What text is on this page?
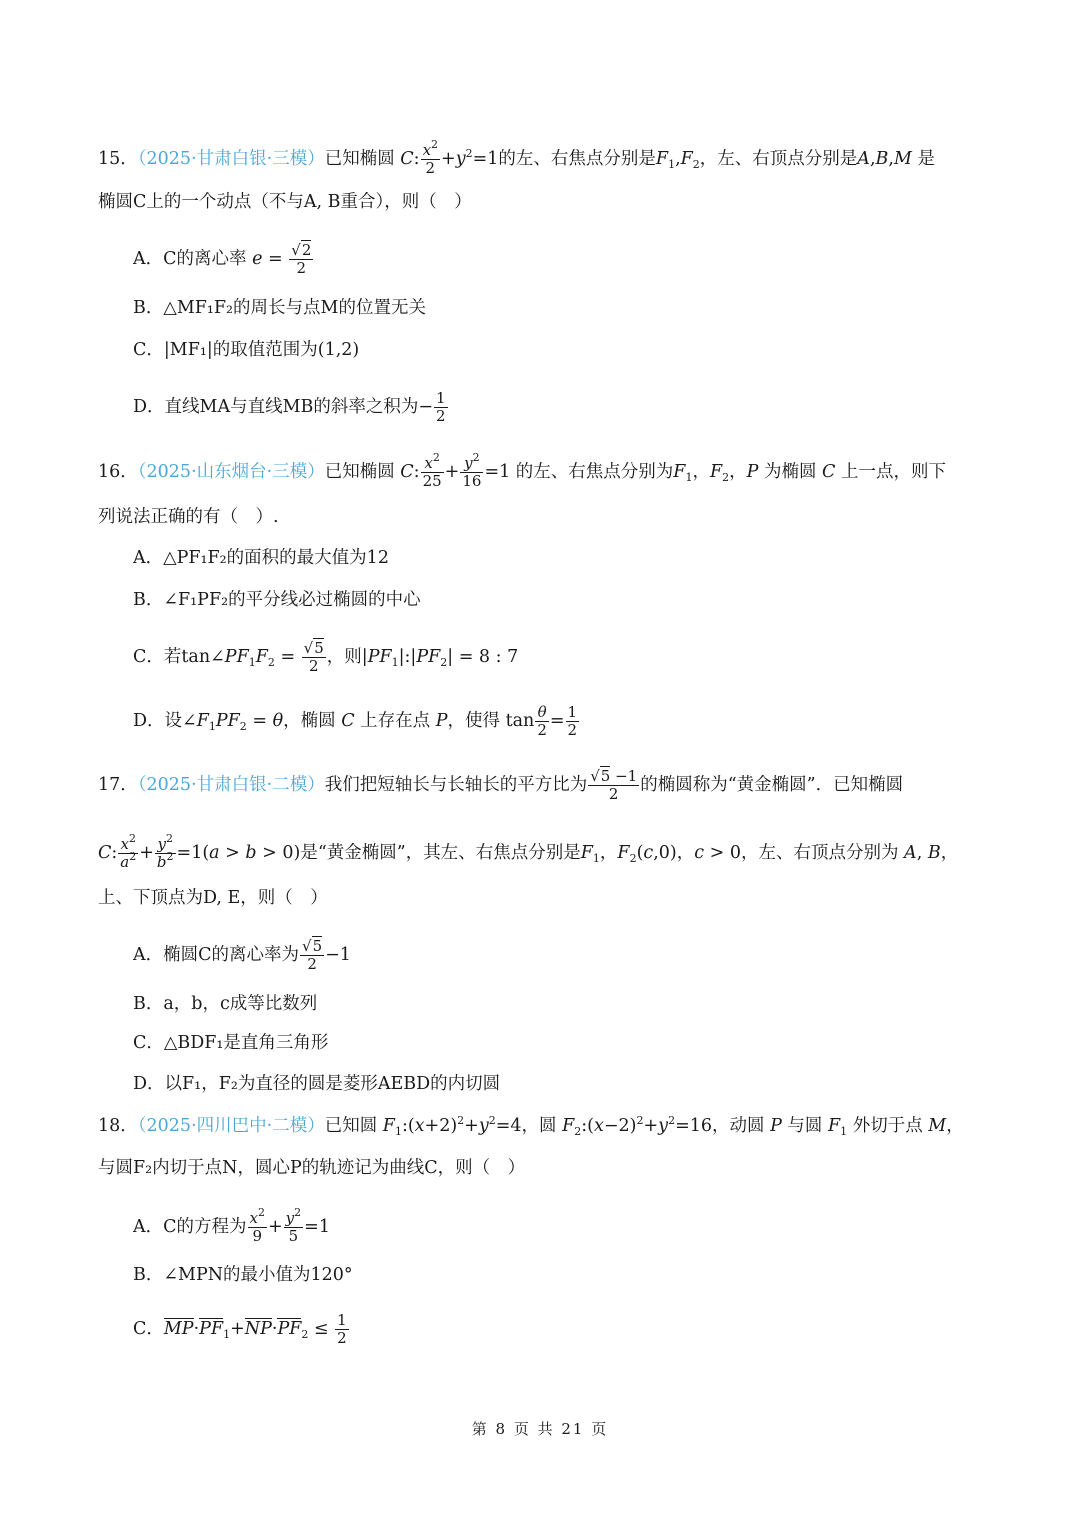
15．（2025·甘肃白银·三模）已知椭圆 C: $\frac{x^2}{2} +y^2=1$的左、右焦点分别是$F_1,F_2$，左、右顶点分别是A,B,M 是
椭圆C上的一个动点（不与A, B重合），则（　）
A．C的离心率 $e = \frac{√2}{2}$
B．△MF₁F₂的周长与点M的位置无关
C．|MF₁|的取值范围为(1,2)
D．直线MA与直线MB的斜率之积为− $\frac{1}{2}$
16．（2025·山东烟台·三模）已知椭圆 C: $\frac{x^2}{25} + \frac{y^2}{16} =1$ 的左、右焦点分别为$F_1$，$F_2$，P 为椭圆 C 上一点，则下
列说法正确的有（　）.
A．△PF₁F₂的面积的最大值为12
B．∠F₁PF₂的平分线必过椭圆的中心
C．若$\tan\angle PF_1F_2 = \frac{√5}{2}$ ，则$|PF_1|:|PF_2| = 8$ : 7
D．设$\angle F_1PF_2 = \theta$，椭圆 C 上存在点 P，使得 $\tan \frac{\theta}{2} = \frac{1}{2}$
17．（2025·甘肃白银·二模）我们把短轴长与长轴长的平方比为 $\frac{√5 -1}{2}$ 的椭圆称为“黄金椭圆”．已知椭圆
C: $\frac{x^2}{a^2} + \frac{y^2}{b^2} =1(a > b > 0)$是“黄金椭圆”，其左、右焦点分别是$F_1$，$F_2(c,0)$，c > 0，左、右顶点分别为 A, B，
上、下顶点为D, E，则（　）
A．椭圆C的离心率为 $\frac{√5}{2} -1$
B．a，b，c成等比数列
C．△BDF₁是直角三角形
D．以F₁，F₂为直径的圆是菱形AEBD的内切圆
18．（2025·四川巴中·二模）已知圆 $F_1:(x+2)^2+y^2=4$，圆 $F_2:(x-2)^2+y^2=16$，动圆 P 与圆 $F_1$ 外切于点 M，
与圆F₂内切于点N，圆心P的轨迹记为曲线C，则（　）
A．C的方程为 $\frac{x^2}{9} + \frac{y^2}{5} =1$
B．∠MPN的最小值为120°
C．$MP\cdot PF_1+NP\cdot PF_2 \le \frac{1}{2}$
第 8 页 共 21 页
